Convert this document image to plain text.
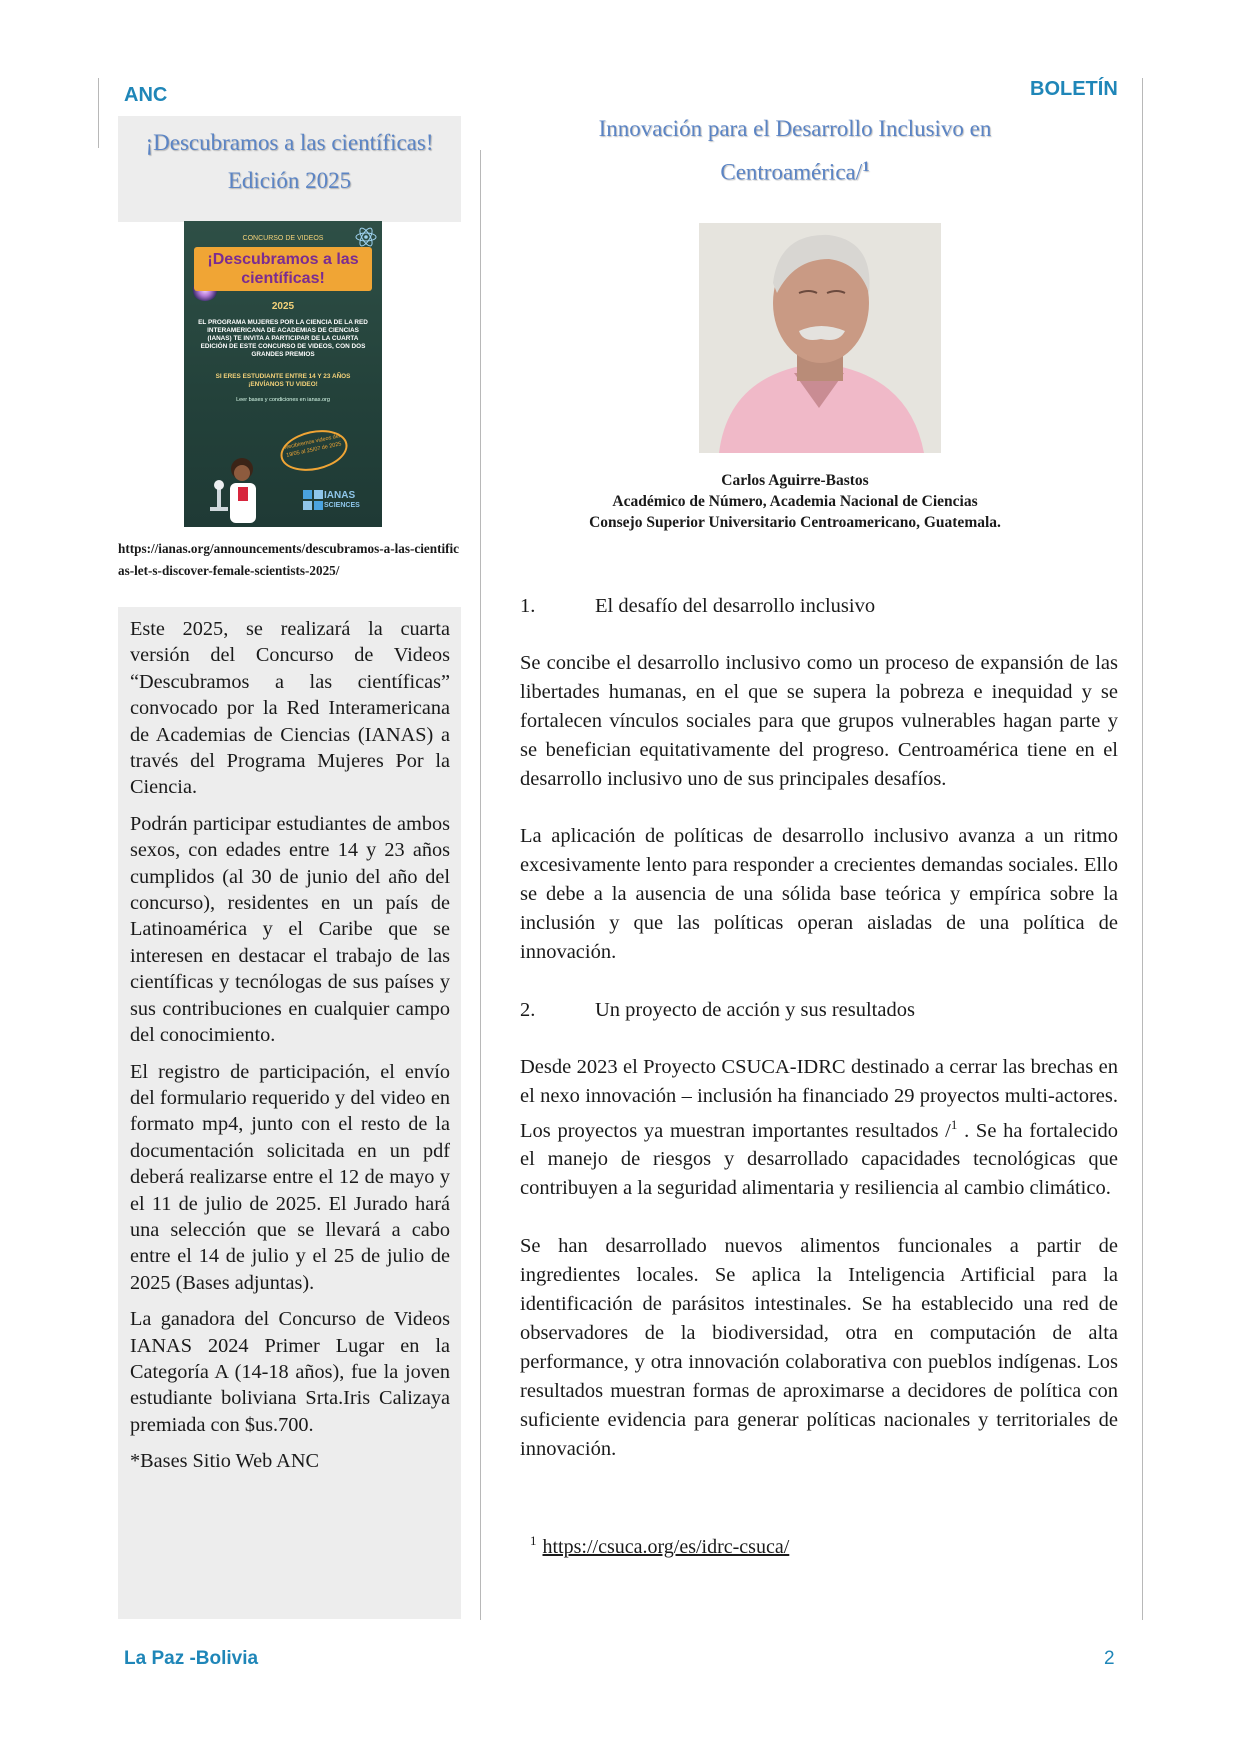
ANC	BOLETÍN
¡Descubramos a las científicas!
Edición 2025
CONCURSO DE VIDEOS
¡Descubramos a las científicas!
2025
EL PROGRAMA MUJERES POR LA CIENCIA DE LA RED INTERAMERICANA DE ACADEMIAS DE CIENCIAS (IANAS) TE INVITA A PARTICIPAR DE LA CUARTA EDICIÓN DE ESTE CONCURSO DE VIDEOS, CON DOS GRANDES PREMIOS
SI ERES ESTUDIANTE ENTRE 14 Y 23 AÑOS ¡ENVÍANOS TU VIDEO!
Leer bases y condiciones en ianas.org
Recibiremos videos del 19/05 al 25/07 de 2025
IANAS
SCIENCES
https://ianas.org/announcements/descubramos-a-las-cientificas-let-s-discover-female-scientists-2025/

Este 2025, se realizará la cuarta versión del Concurso de Videos “Descubramos a las científicas” convocado por la Red Interamericana de Academias de Ciencias (IANAS) a través del Programa Mujeres Por la Ciencia.

Podrán participar estudiantes de ambos sexos, con edades entre 14 y 23 años cumplidos (al 30 de junio del año del concurso), residentes en un país de Latinoamérica y el Caribe que se interesen en destacar el trabajo de las científicas y tecnólogas de sus países y sus contribuciones en cualquier campo del conocimiento.

El registro de participación, el envío del formulario requerido y del video en formato mp4, junto con el resto de la documentación solicitada en un pdf deberá realizarse entre el 12 de mayo y el 11 de julio de 2025. El Jurado hará una selección que se llevará a cabo entre el 14 de julio y el 25 de julio de 2025 (Bases adjuntas).

La ganadora del Concurso de Videos IANAS 2024 Primer Lugar en la Categoría A (14-18 años), fue la joven estudiante boliviana Srta.Iris Calizaya premiada con $us.700.

*Bases Sitio Web ANC

Innovación para el Desarrollo Inclusivo en
Centroamérica/$^1$
Carlos Aguirre-Bastos
Académico de Número, Academia Nacional de Ciencias
Consejo Superior Universitario Centroamericano, Guatemala.
1.	El desafío del desarrollo inclusivo

Se concibe el desarrollo inclusivo como un proceso de expansión de las libertades humanas, en el que se supera la pobreza e inequidad y se fortalecen vínculos sociales para que grupos vulnerables hagan parte y se benefician equitativamente del progreso. Centroamérica tiene en el desarrollo inclusivo uno de sus principales desafíos.

La aplicación de políticas de desarrollo inclusivo avanza a un ritmo excesivamente lento para responder a crecientes demandas sociales. Ello se debe a la ausencia de una sólida base teórica y empírica sobre la inclusión y que las políticas operan aisladas de una política de innovación.

2.	Un proyecto de acción y sus resultados

Desde 2023 el Proyecto CSUCA-IDRC destinado a cerrar las brechas en el nexo innovación – inclusión ha financiado 29 proyectos multi-actores. Los proyectos ya muestran importantes resultados /$^1$ . Se ha fortalecido el manejo de riesgos y desarrollado capacidades tecnológicas que contribuyen a la seguridad alimentaria y resiliencia al cambio climático.

Se han desarrollado nuevos alimentos funcionales a partir de ingredientes locales. Se aplica la Inteligencia Artificial para la identificación de parásitos intestinales. Se ha establecido una red de observadores de la biodiversidad, otra en computación de alta performance, y otra innovación colaborativa con pueblos indígenas. Los resultados muestran formas de aproximarse a decidores de política con suficiente evidencia para generar políticas nacionales y territoriales de innovación.

$^1$ https://csuca.org/es/idrc-csuca/
La Paz -Bolivia	2
